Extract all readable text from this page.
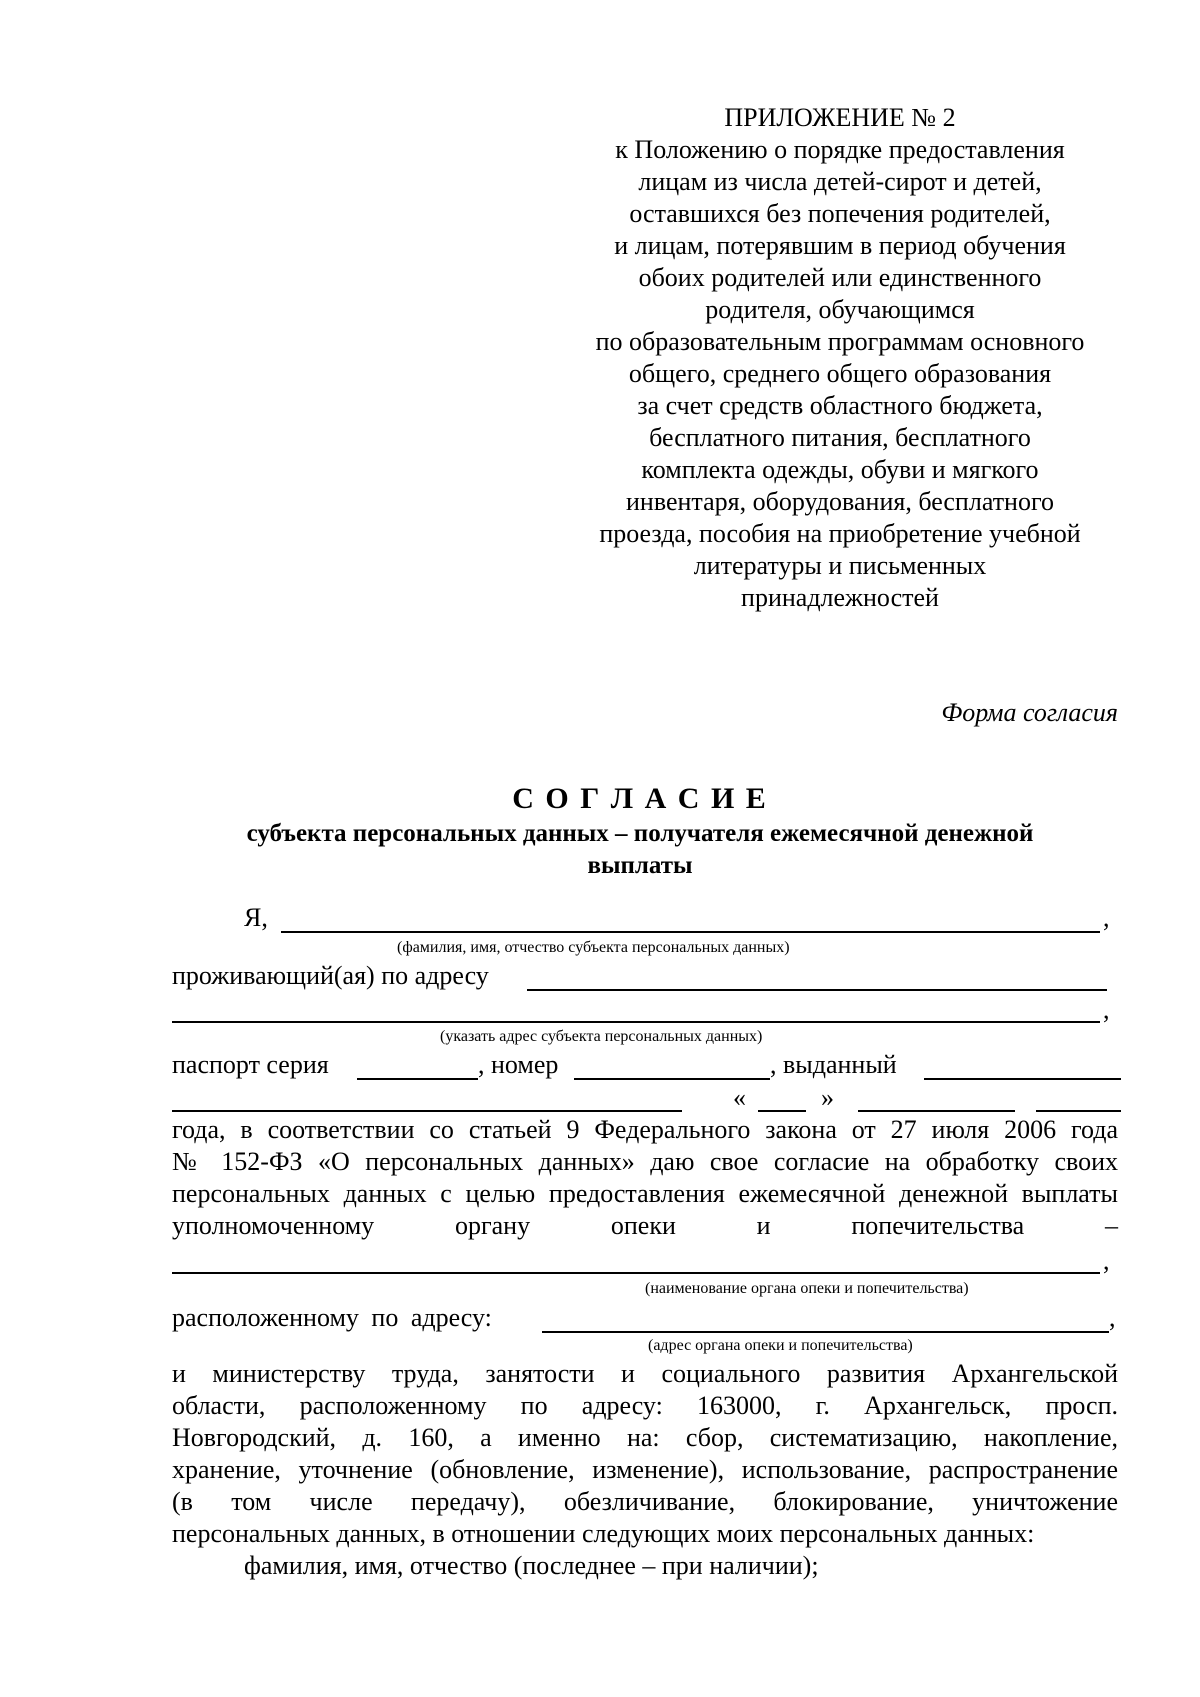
ПРИЛОЖЕНИЕ № 2
к Положению о порядке предоставления
лицам из числа детей-сирот и детей,
оставшихся без попечения родителей,
и лицам, потерявшим в период обучения
обоих родителей или единственного
родителя, обучающимся
по образовательным программам основного
общего, среднего общего образования
за счет средств областного бюджета,
бесплатного питания, бесплатного
комплекта одежды, обуви и мягкого
инвентаря, оборудования, бесплатного
проезда, пособия на приобретение учебной
литературы и письменных
принадлежностей
Форма согласия
С О Г Л А С И Е
субъекта персональных данных – получателя ежемесячной денежной
выплаты
Я,	,
(фамилия, имя, отчество субъекта персональных данных)
проживающий(ая) по адресу
,
(указать адрес субъекта персональных данных)
паспорт серия	, номер	, выданный
«	»
года, в соответствии со статьей 9 Федерального закона от 27 июля 2006 года
№ 152-ФЗ «О персональных данных» даю свое согласие на обработку своих
персональных данных с целью предоставления ежемесячной денежной выплаты
уполномоченному органу опеки и попечительства –
,
(наименование органа опеки и попечительства)
расположенному по адресу:	,
(адрес органа опеки и попечительства)
и министерству труда, занятости и социального развития Архангельской
области, расположенному по адресу: 163000, г. Архангельск, просп.
Новгородский, д. 160, а именно на: сбор, систематизацию, накопление,
хранение, уточнение (обновление, изменение), использование, распространение
(в том числе передачу), обезличивание, блокирование, уничтожение
персональных данных, в отношении следующих моих персональных данных:
фамилия, имя, отчество (последнее – при наличии);
